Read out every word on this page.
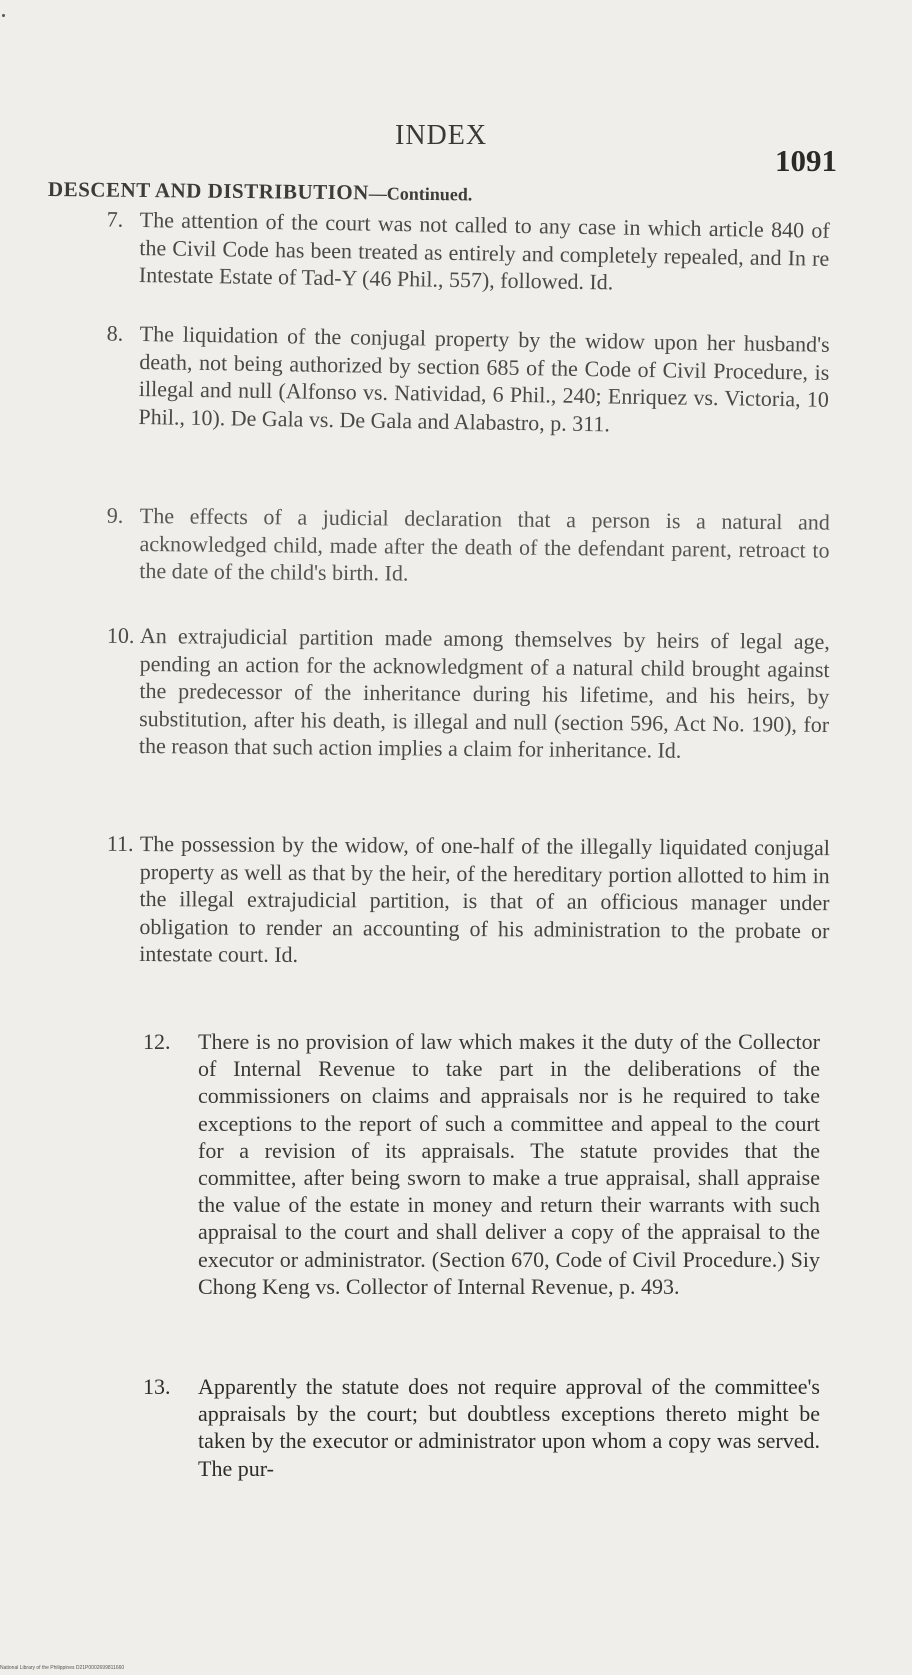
INDEX
1091
DESCENT AND DISTRIBUTION—Continued.
7. The attention of the court was not called to any case in which article 840 of the Civil Code has been treated as entirely and completely repealed, and In re Intestate Estate of Tad-Y (46 Phil., 557), followed. Id.
8. The liquidation of the conjugal property by the widow upon her husband's death, not being authorized by section 685 of the Code of Civil Procedure, is illegal and null (Alfonso vs. Natividad, 6 Phil., 240; Enriquez vs. Victoria, 10 Phil., 10). De Gala vs. De Gala and Alabastro, p. 311.
9. The effects of a judicial declaration that a person is a natural and acknowledged child, made after the death of the defendant parent, retroact to the date of the child's birth. Id.
10. An extrajudicial partition made among themselves by heirs of legal age, pending an action for the acknowledgment of a natural child brought against the predecessor of the inheritance during his lifetime, and his heirs, by substitution, after his death, is illegal and null (section 596, Act No. 190), for the reason that such action implies a claim for inheritance. Id.
11. The possession by the widow, of one-half of the illegally liquidated conjugal property as well as that by the heir, of the hereditary portion allotted to him in the illegal extrajudicial partition, is that of an officious manager under obligation to render an accounting of his administration to the probate or intestate court. Id.
12. There is no provision of law which makes it the duty of the Collector of Internal Revenue to take part in the deliberations of the commissioners on claims and appraisals nor is he required to take exceptions to the report of such a committee and appeal to the court for a revision of its appraisals. The statute provides that the committee, after being sworn to make a true appraisal, shall appraise the value of the estate in money and return their warrants with such appraisal to the court and shall deliver a copy of the appraisal to the executor or administrator. (Section 670, Code of Civil Procedure.) Siy Chong Keng vs. Collector of Internal Revenue, p. 493.
13. Apparently the statute does not require approval of the committee's appraisals by the court; but doubtless exceptions thereto might be taken by the executor or administrator upon whom a copy was served. The pur-
National Library of the Philippines D21P0002699811660
